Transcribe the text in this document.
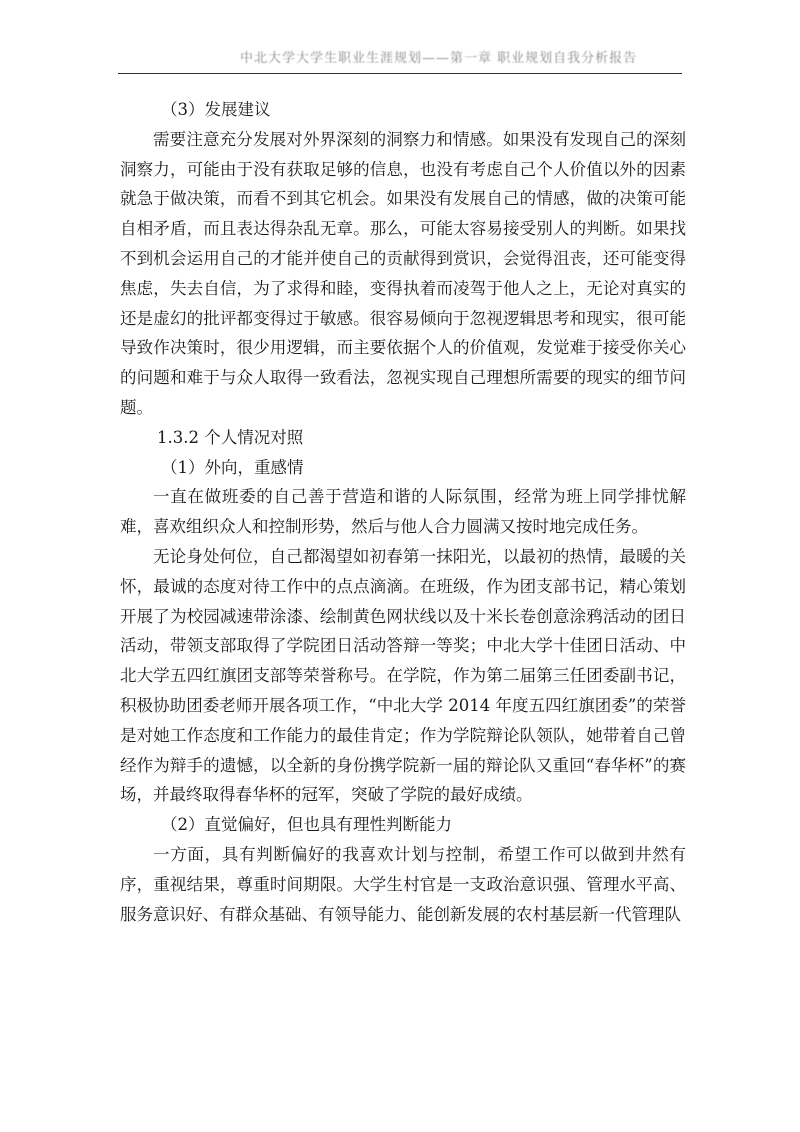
中北大学大学生职业生涯规划——第一章 职业规划自我分析报告

（3）发展建议

需要注意充分发展对外界深刻的洞察力和情感。如果没有发现自己的深刻洞察力，可能由于没有获取足够的信息，也没有考虑自己个人价值以外的因素就急于做决策，而看不到其它机会。如果没有发展自己的情感，做的决策可能自相矛盾，而且表达得杂乱无章。那么，可能太容易接受别人的判断。如果找不到机会运用自己的才能并使自己的贡献得到赏识，会觉得沮丧，还可能变得焦虑，失去自信，为了求得和睦，变得执着而凌驾于他人之上，无论对真实的还是虚幻的批评都变得过于敏感。很容易倾向于忽视逻辑思考和现实，很可能导致作决策时，很少用逻辑，而主要依据个人的价值观，发觉难于接受你关心的问题和难于与众人取得一致看法，忽视实现自己理想所需要的现实的细节问题。

1.3.2 个人情况对照

（1）外向，重感情

一直在做班委的自己善于营造和谐的人际氛围，经常为班上同学排忧解难，喜欢组织众人和控制形势，然后与他人合力圆满又按时地完成任务。

无论身处何位，自己都渴望如初春第一抹阳光，以最初的热情，最暖的关怀，最诚的态度对待工作中的点点滴滴。在班级，作为团支部书记，精心策划开展了为校园减速带涂漆、绘制黄色网状线以及十米长卷创意涂鸦活动的团日活动，带领支部取得了学院团日活动答辩一等奖；中北大学十佳团日活动、中北大学五四红旗团支部等荣誉称号。在学院，作为第二届第三任团委副书记，积极协助团委老师开展各项工作，“中北大学 2014 年度五四红旗团委”的荣誉是对她工作态度和工作能力的最佳肯定；作为学院辩论队领队，她带着自己曾经作为辩手的遗憾，以全新的身份携学院新一届的辩论队又重回“春华杯”的赛场，并最终取得春华杯的冠军，突破了学院的最好成绩。

（2）直觉偏好，但也具有理性判断能力

一方面，具有判断偏好的我喜欢计划与控制，希望工作可以做到井然有序，重视结果，尊重时间期限。大学生村官是一支政治意识强、管理水平高、服务意识好、有群众基础、有领导能力、能创新发展的农村基层新一代管理队
